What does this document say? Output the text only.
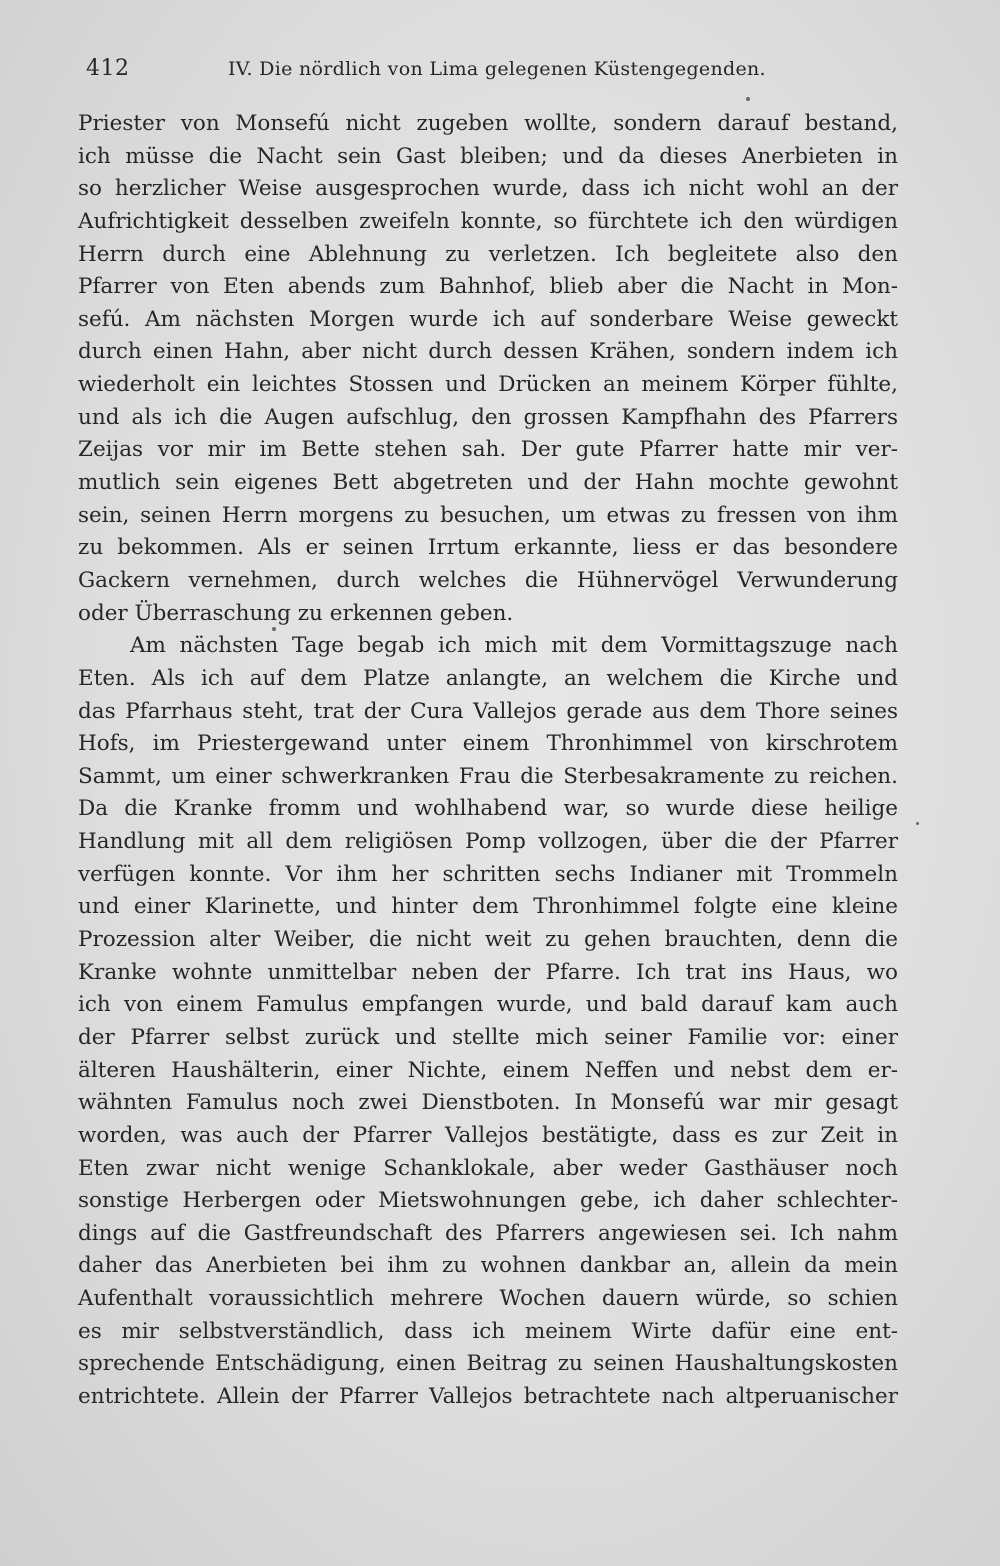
412	IV. Die nördlich von Lima gelegenen Küstengegenden.
Priester von Monsefú nicht zugeben wollte, sondern darauf bestand,
ich müsse die Nacht sein Gast bleiben; und da dieses Anerbieten in
so herzlicher Weise ausgesprochen wurde, dass ich nicht wohl an der
Aufrichtigkeit desselben zweifeln konnte, so fürchtete ich den würdigen
Herrn durch eine Ablehnung zu verletzen. Ich begleitete also den
Pfarrer von Eten abends zum Bahnhof, blieb aber die Nacht in Mon-
sefú. Am nächsten Morgen wurde ich auf sonderbare Weise geweckt
durch einen Hahn, aber nicht durch dessen Krähen, sondern indem ich
wiederholt ein leichtes Stossen und Drücken an meinem Körper fühlte,
und als ich die Augen aufschlug, den grossen Kampfhahn des Pfarrers
Zeijas vor mir im Bette stehen sah. Der gute Pfarrer hatte mir ver-
mutlich sein eigenes Bett abgetreten und der Hahn mochte gewohnt
sein, seinen Herrn morgens zu besuchen, um etwas zu fressen von ihm
zu bekommen. Als er seinen Irrtum erkannte, liess er das besondere
Gackern vernehmen, durch welches die Hühnervögel Verwunderung
oder Überraschung zu erkennen geben.
Am nächsten Tage begab ich mich mit dem Vormittagszuge nach
Eten. Als ich auf dem Platze anlangte, an welchem die Kirche und
das Pfarrhaus steht, trat der Cura Vallejos gerade aus dem Thore seines
Hofs, im Priestergewand unter einem Thronhimmel von kirschrotem
Sammt, um einer schwerkranken Frau die Sterbesakramente zu reichen.
Da die Kranke fromm und wohlhabend war, so wurde diese heilige
Handlung mit all dem religiösen Pomp vollzogen, über die der Pfarrer
verfügen konnte. Vor ihm her schritten sechs Indianer mit Trommeln
und einer Klarinette, und hinter dem Thronhimmel folgte eine kleine
Prozession alter Weiber, die nicht weit zu gehen brauchten, denn die
Kranke wohnte unmittelbar neben der Pfarre. Ich trat ins Haus, wo
ich von einem Famulus empfangen wurde, und bald darauf kam auch
der Pfarrer selbst zurück und stellte mich seiner Familie vor: einer
älteren Haushälterin, einer Nichte, einem Neffen und nebst dem er-
wähnten Famulus noch zwei Dienstboten. In Monsefú war mir gesagt
worden, was auch der Pfarrer Vallejos bestätigte, dass es zur Zeit in
Eten zwar nicht wenige Schanklokale, aber weder Gasthäuser noch
sonstige Herbergen oder Mietswohnungen gebe, ich daher schlechter-
dings auf die Gastfreundschaft des Pfarrers angewiesen sei. Ich nahm
daher das Anerbieten bei ihm zu wohnen dankbar an, allein da mein
Aufenthalt voraussichtlich mehrere Wochen dauern würde, so schien
es mir selbstverständlich, dass ich meinem Wirte dafür eine ent-
sprechende Entschädigung, einen Beitrag zu seinen Haushaltungskosten
entrichtete. Allein der Pfarrer Vallejos betrachtete nach altperuanischer
